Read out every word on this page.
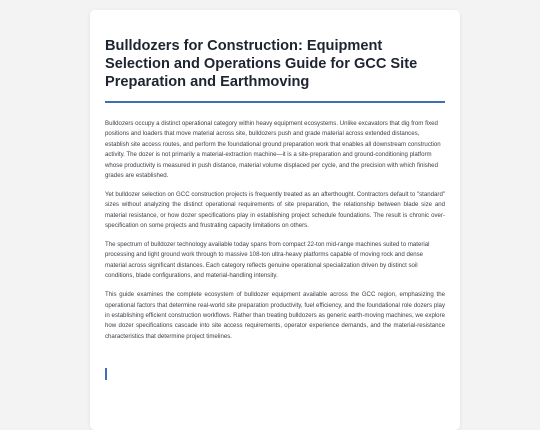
Bulldozers for Construction: Equipment Selection and Operations Guide for GCC Site Preparation and Earthmoving

Bulldozers occupy a distinct operational category within heavy equipment ecosystems. Unlike excavators that dig from fixed positions and loaders that move material across site, bulldozers push and grade material across extended distances, establish site access routes, and perform the foundational ground preparation work that enables all downstream construction activity. The dozer is not primarily a material-extraction machine—it is a site-preparation and ground-conditioning platform whose productivity is measured in push distance, material volume displaced per cycle, and the precision with which finished grades are established.

Yet bulldozer selection on GCC construction projects is frequently treated as an afterthought. Contractors default to "standard" sizes without analyzing the distinct operational requirements of site preparation, the relationship between blade size and material resistance, or how dozer specifications play in establishing project schedule foundations. The result is chronic over-specification on some projects and frustrating capacity limitations on others.

The spectrum of bulldozer technology available today spans from compact 22-ton mid-range machines suited to material processing and light ground work through to massive 108-ton ultra-heavy platforms capable of moving rock and dense material across significant distances. Each category reflects genuine operational specialization driven by distinct soil conditions, blade configurations, and material-handling intensity.

This guide examines the complete ecosystem of bulldozer equipment available across the GCC region, emphasizing the operational factors that determine real-world site preparation productivity, fuel efficiency, and the foundational role dozers play in establishing efficient construction workflows. Rather than treating bulldozers as generic earth-moving machines, we explore how dozer specifications cascade into site access requirements, operator experience demands, and the material-resistance characteristics that determine project timelines.
